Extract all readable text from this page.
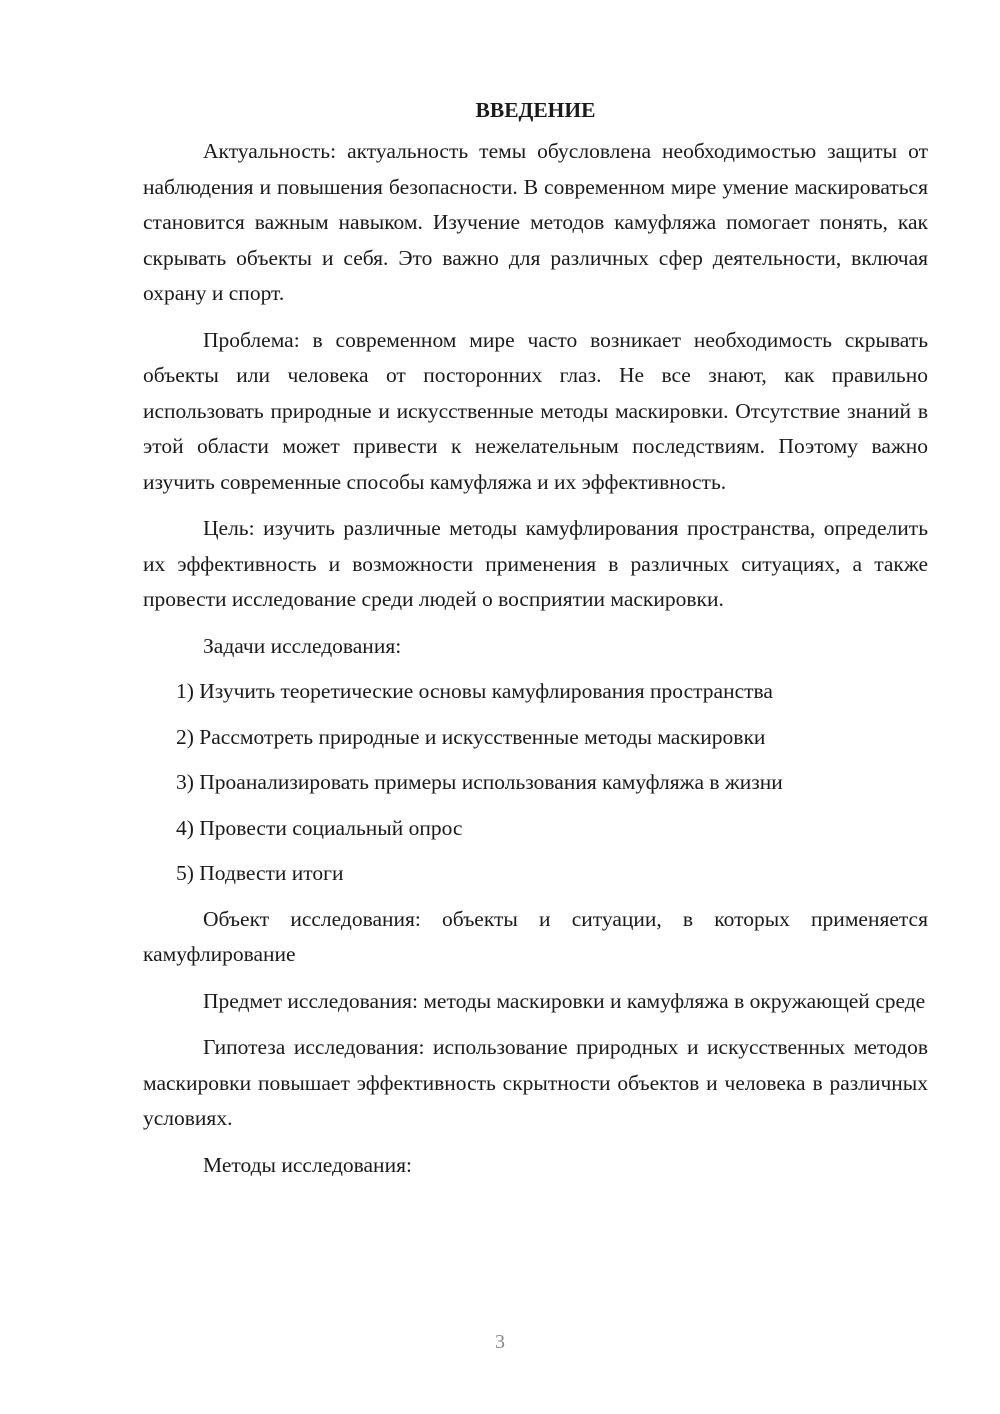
ВВЕДЕНИЕ

Актуальность: актуальность темы обусловлена необходимостью защиты от наблюдения и повышения безопасности. В современном мире умение маскироваться становится важным навыком. Изучение методов камуфляжа помогает понять, как скрывать объекты и себя. Это важно для различных сфер деятельности, включая охрану и спорт.

Проблема: в современном мире часто возникает необходимость скрывать объекты или человека от посторонних глаз. Не все знают, как правильно использовать природные и искусственные методы маскировки. Отсутствие знаний в этой области может привести к нежелательным последствиям. Поэтому важно изучить современные способы камуфляжа и их эффективность.

Цель: изучить различные методы камуфлирования пространства, определить их эффективность и возможности применения в различных ситуациях, а также провести исследование среди людей о восприятии маскировки.

Задачи исследования:

1) Изучить теоретические основы камуфлирования пространства
2) Рассмотреть природные и искусственные методы маскировки
3) Проанализировать примеры использования камуфляжа в жизни
4) Провести социальный опрос
5) Подвести итоги

Объект исследования: объекты и ситуации, в которых применяется камуфлирование

Предмет исследования: методы маскировки и камуфляжа в окружающей среде

Гипотеза исследования: использование природных и искусственных методов маскировки повышает эффективность скрытности объектов и человека в различных условиях.

Методы исследования:

3
